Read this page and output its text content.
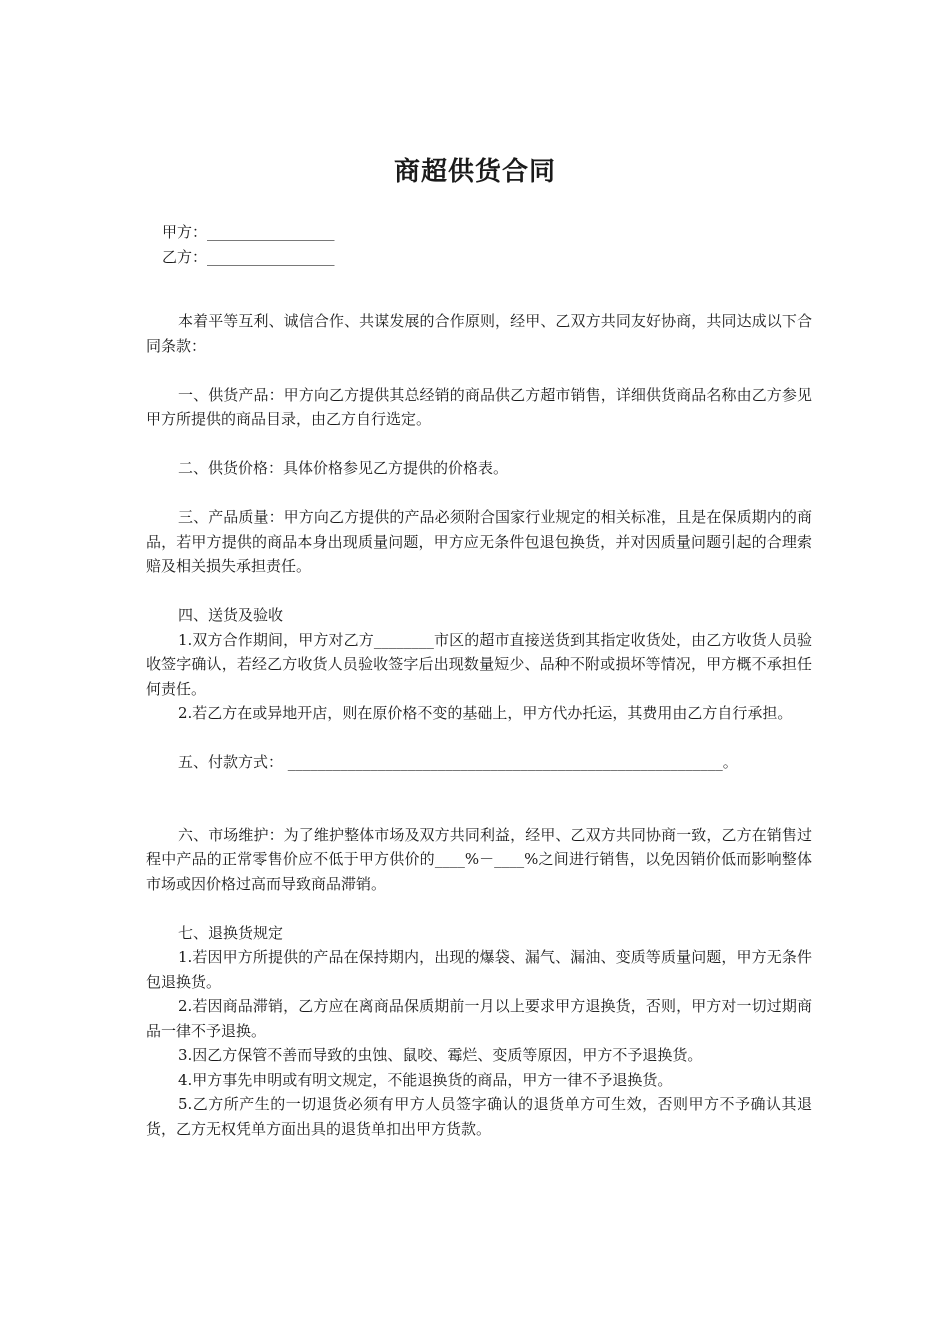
商超供货合同
甲方：_________________
乙方：_________________

本着平等互利、诚信合作、共谋发展的合作原则，经甲、乙双方共同友好协商，共同达成以下合同条款：

一、供货产品：甲方向乙方提供其总经销的商品供乙方超市销售，详细供货商品名称由乙方参见甲方所提供的商品目录，由乙方自行选定。

二、供货价格：具体价格参见乙方提供的价格表。

三、产品质量：甲方向乙方提供的产品必须附合国家行业规定的相关标准，且是在保质期内的商品，若甲方提供的商品本身出现质量问题，甲方应无条件包退包换货，并对因质量问题引起的合理索赔及相关损失承担责任。

四、送货及验收

1.双方合作期间，甲方对乙方________市区的超市直接送货到其指定收货处，由乙方收货人员验收签字确认，若经乙方收货人员验收签字后出现数量短少、品种不附或损坏等情况，甲方概不承担任何责任。

2.若乙方在或异地开店，则在原价格不变的基础上，甲方代办托运，其费用由乙方自行承担。

五、付款方式： __________________________________________________________。

六、市场维护：为了维护整体市场及双方共同利益，经甲、乙双方共同协商一致，乙方在销售过程中产品的正常零售价应不低于甲方供价的____%－____%之间进行销售，以免因销价低而影响整体市场或因价格过高而导致商品滞销。

七、退换货规定

1.若因甲方所提供的产品在保持期内，出现的爆袋、漏气、漏油、变质等质量问题，甲方无条件包退换货。

2.若因商品滞销，乙方应在离商品保质期前一月以上要求甲方退换货，否则，甲方对一切过期商品一律不予退换。

3.因乙方保管不善而导致的虫蚀、鼠咬、霉烂、变质等原因，甲方不予退换货。

4.甲方事先申明或有明文规定，不能退换货的商品，甲方一律不予退换货。

5.乙方所产生的一切退货必须有甲方人员签字确认的退货单方可生效，否则甲方不予确认其退货，乙方无权凭单方面出具的退货单扣出甲方货款。
